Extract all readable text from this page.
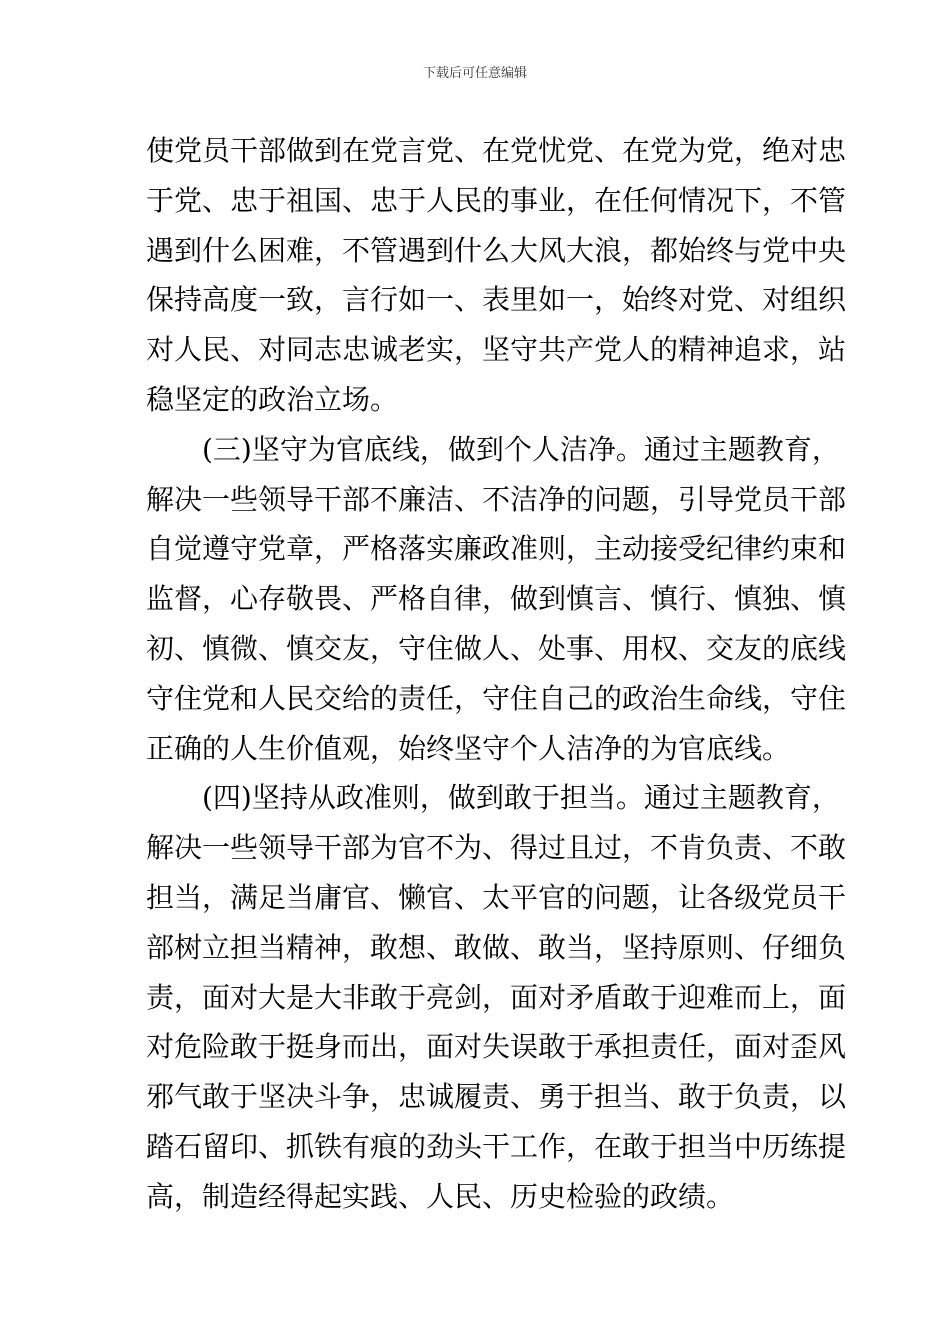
下载后可任意编辑
使党员干部做到在党言党、在党忧党、在党为党，绝对忠
于党、忠于祖国、忠于人民的事业，在任何情况下，不管
遇到什么困难，不管遇到什么大风大浪，都始终与党中央
保持高度一致，言行如一、表里如一，始终对党、对组织
对人民、对同志忠诚老实，坚守共产党人的精神追求，站
稳坚定的政治立场。
(三)坚守为官底线，做到个人洁净。通过主题教育，
解决一些领导干部不廉洁、不洁净的问题，引导党员干部
自觉遵守党章，严格落实廉政准则，主动接受纪律约束和
监督，心存敬畏、严格自律，做到慎言、慎行、慎独、慎
初、慎微、慎交友，守住做人、处事、用权、交友的底线
守住党和人民交给的责任，守住自己的政治生命线，守住
正确的人生价值观，始终坚守个人洁净的为官底线。
(四)坚持从政准则，做到敢于担当。通过主题教育，
解决一些领导干部为官不为、得过且过，不肯负责、不敢
担当，满足当庸官、懒官、太平官的问题，让各级党员干
部树立担当精神，敢想、敢做、敢当，坚持原则、仔细负
责，面对大是大非敢于亮剑，面对矛盾敢于迎难而上，面
对危险敢于挺身而出，面对失误敢于承担责任，面对歪风
邪气敢于坚决斗争，忠诚履责、勇于担当、敢于负责，以
踏石留印、抓铁有痕的劲头干工作，在敢于担当中历练提
高，制造经得起实践、人民、历史检验的政绩。
